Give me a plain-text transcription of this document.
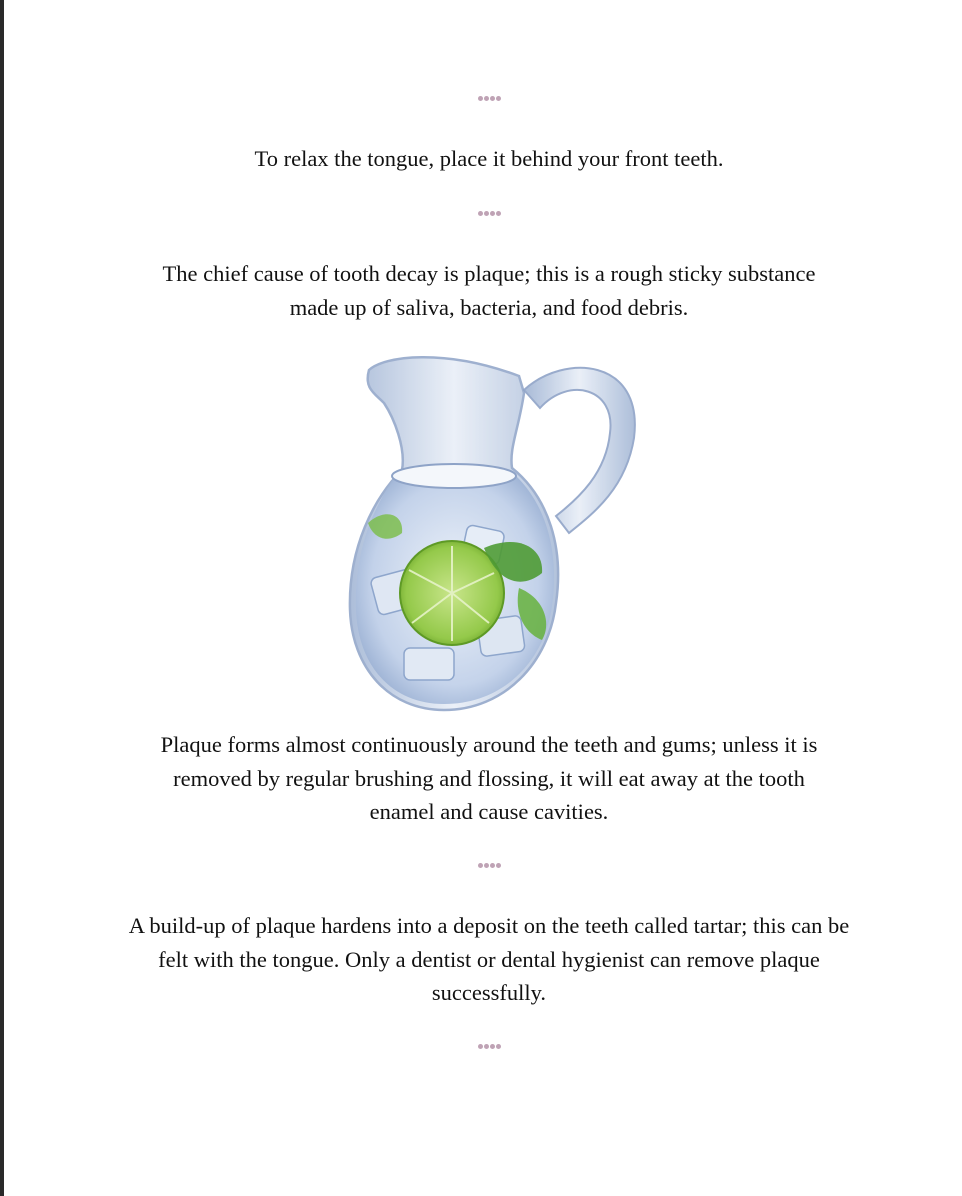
To relax the tongue, place it behind your front teeth.

The chief cause of tooth decay is plaque; this is a rough sticky substance made up of saliva, bacteria, and food debris.

Plaque forms almost continuously around the teeth and gums; unless it is removed by regular brushing and flossing, it will eat away at the tooth enamel and cause cavities.

A build-up of plaque hardens into a deposit on the teeth called tartar; this can be felt with the tongue. Only a dentist or dental hygienist can remove plaque successfully.
